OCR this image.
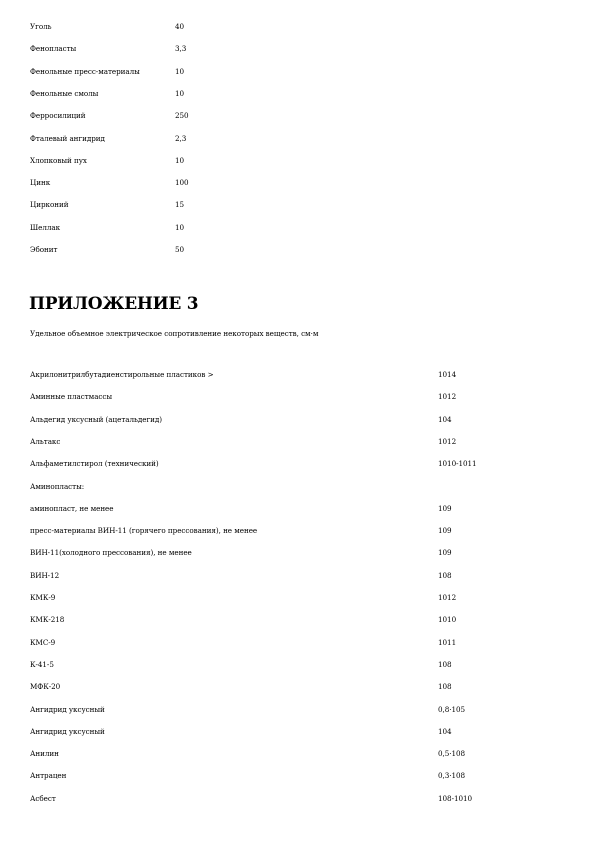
Уголь	40
Фенопласты	3,3
Фенольные пресс-материалы	10
Фенольные смолы	10
Ферросилиций	250
Фталевый ангидрид	2,3
Хлопковый пух	10
Цинк	100
Цирконий	15
Шеллак	10
Эбонит	50
ПРИЛОЖЕНИЕ 3
Удельное объемное электрическое сопротивление некоторых веществ, см·м
Акрилонитрилбутадиенстирольные пластиков >	1014
Аминные пластмассы	1012
Альдегид уксусный (ацетальдегид)	104
Альтакс	1012
Альфаметилстирол (технический)	1010-1011
Аминопласты:
аминопласт, не менее	109
пресс-материалы ВИН-11 (горячего прессования), не менее	109
ВИН-11(холодного прессования), не менее	109
ВИН-12	108
КМК-9	1012
КМК-218	1010
КМС-9	1011
К-41-5	108
МФК-20	108
Ангидрид уксусный	0,8·105
Ангидрид уксусный	104
Анилин	0,5·108
Антрацен	0,3·108
Асбест	108-1010
